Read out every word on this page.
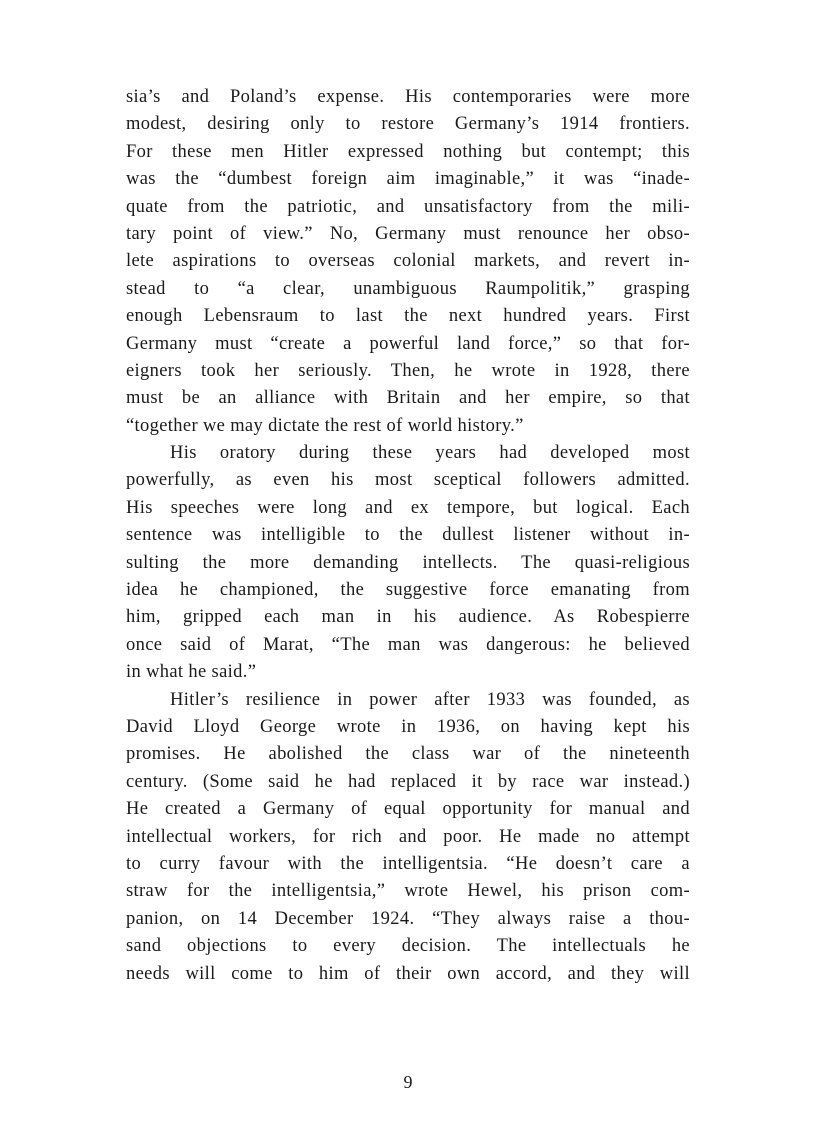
sia’s and Poland’s expense. His contemporaries were more
modest, desiring only to restore Germany’s 1914 frontiers.
For these men Hitler expressed nothing but contempt; this
was the “dumbest foreign aim imaginable,” it was “inade-
quate from the patriotic, and unsatisfactory from the mili-
tary point of view.” No, Germany must renounce her obso-
lete aspirations to overseas colonial markets, and revert in-
stead to “a clear, unambiguous Raumpolitik,” grasping
enough Lebensraum to last the next hundred years. First
Germany must “create a powerful land force,” so that for-
eigners took her seriously. Then, he wrote in 1928, there
must be an alliance with Britain and her empire, so that
“together we may dictate the rest of world history.”
His oratory during these years had developed most
powerfully, as even his most sceptical followers admitted.
His speeches were long and ex tempore, but logical. Each
sentence was intelligible to the dullest listener without in-
sulting the more demanding intellects. The quasi-religious
idea he championed, the suggestive force emanating from
him, gripped each man in his audience. As Robespierre
once said of Marat, “The man was dangerous: he believed
in what he said.”
Hitler’s resilience in power after 1933 was founded, as
David Lloyd George wrote in 1936, on having kept his
promises. He abolished the class war of the nineteenth
century. (Some said he had replaced it by race war instead.)
He created a Germany of equal opportunity for manual and
intellectual workers, for rich and poor. He made no attempt
to curry favour with the intelligentsia. “He doesn’t care a
straw for the intelligentsia,” wrote Hewel, his prison com-
panion, on 14 December 1924. “They always raise a thou-
sand objections to every decision. The intellectuals he
needs will come to him of their own accord, and they will
9
